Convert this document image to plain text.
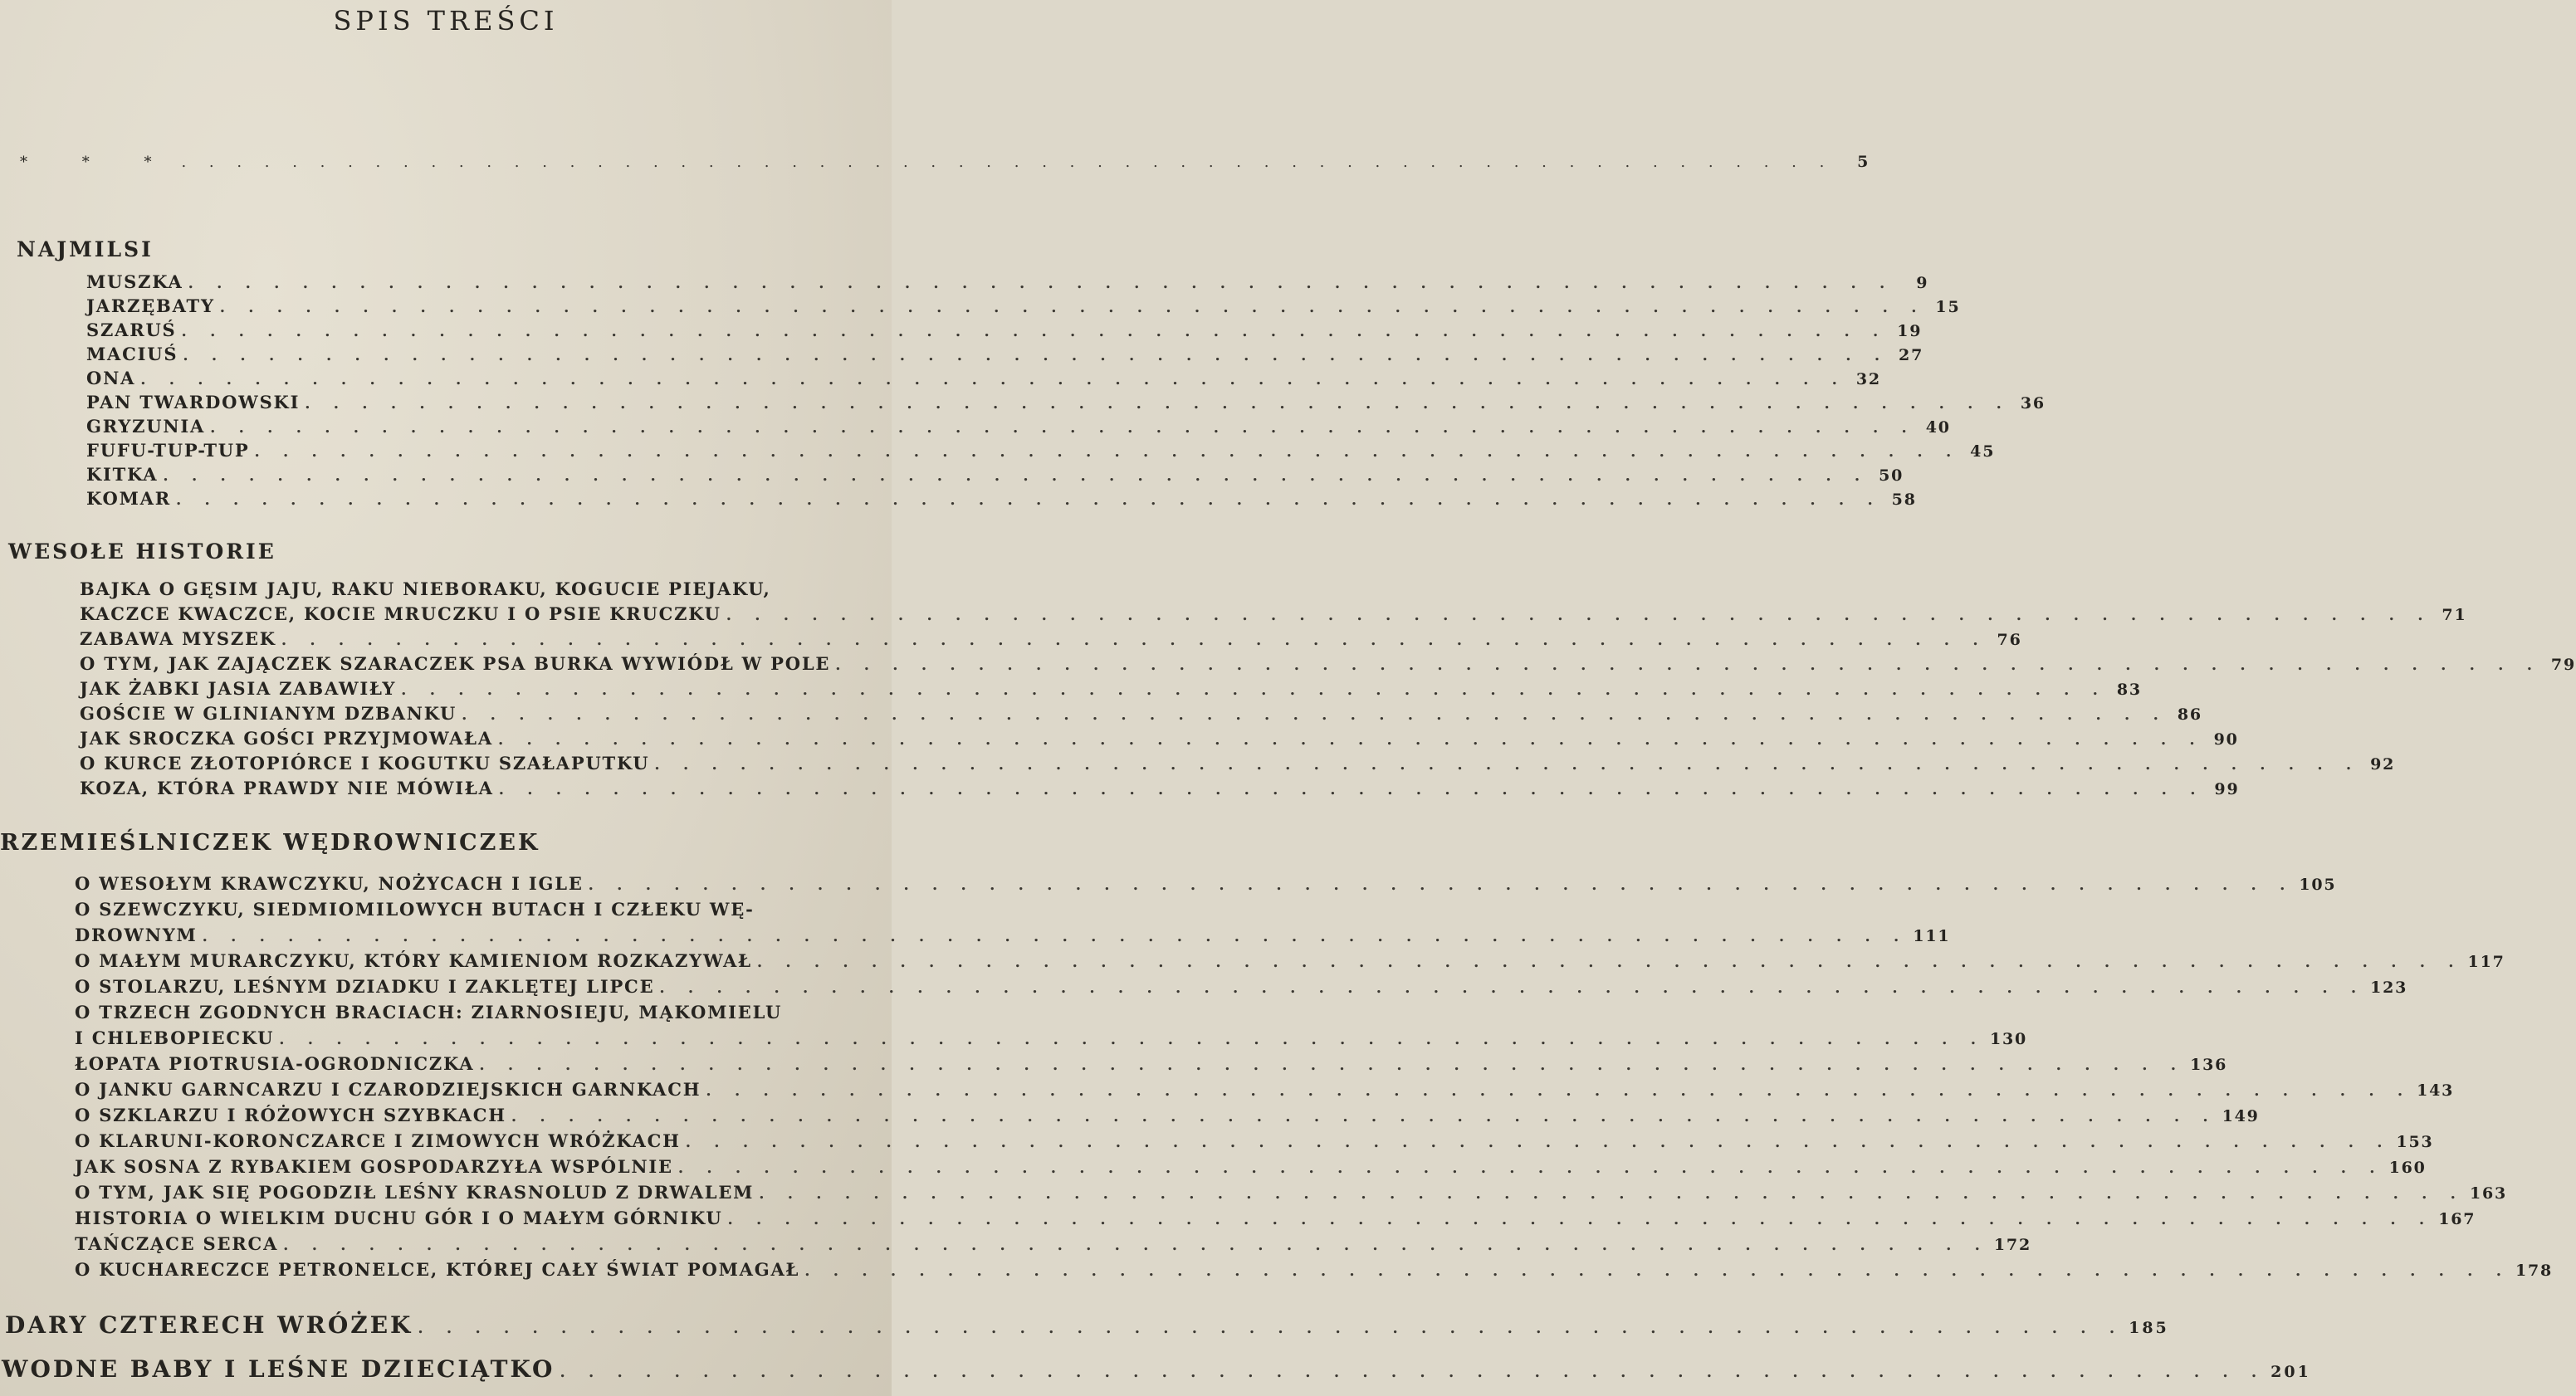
SPIS TREŚCI
* * * . . . . . . . . . . . . . . . . . . . . . . . . . . . . . . . . . . . . . . . . . . . . . . . . . . . . . . . . . . . .	5
NAJMILSI
MUSZKA . . . . . . . . . . . . . . . . . . . . . . . . . . . . . . . . . . . . . . . . . . . . . . . . . . . . . . . . . . . .	9
JARZĘBATY . . . . . . . . . . . . . . . . . . . . . . . . . . . . . . . . . . . . . . . . . . . . . . . . . . . . . . . . . . . . 15
SZARUŚ . . . . . . . . . . . . . . . . . . . . . . . . . . . . . . . . . . . . . . . . . . . . . . . . . . . . . . . . . . . . 19
MACIUŚ . . . . . . . . . . . . . . . . . . . . . . . . . . . . . . . . . . . . . . . . . . . . . . . . . . . . . . . . . . . . 27
ONA . . . . . . . . . . . . . . . . . . . . . . . . . . . . . . . . . . . . . . . . . . . . . . . . . . . . . . . . . . . . 32
PAN TWARDOWSKI . . . . . . . . . . . . . . . . . . . . . . . . . . . . . . . . . . . . . . . . . . . . . . . . . . . . . . . . . . . . 36
GRYZUNIA . . . . . . . . . . . . . . . . . . . . . . . . . . . . . . . . . . . . . . . . . . . . . . . . . . . . . . . . . . . . 40
FUFU-TUP-TUP . . . . . . . . . . . . . . . . . . . . . . . . . . . . . . . . . . . . . . . . . . . . . . . . . . . . . . . . . . . . 45
KITKA . . . . . . . . . . . . . . . . . . . . . . . . . . . . . . . . . . . . . . . . . . . . . . . . . . . . . . . . . . . . 50
KOMAR . . . . . . . . . . . . . . . . . . . . . . . . . . . . . . . . . . . . . . . . . . . . . . . . . . . . . . . . . . . . 58
WESOŁE HISTORIE
BAJKA O GĘSIM JAJU, RAKU NIEBORAKU, KOGUCIE PIEJAKU,
KACZCE KWACZCE, KOCIE MRUCZKU I O PSIE KRUCZKU . . . . . . . . . . . . . . . . . . . . . . . . . . . . . . . . . . . . . . . . . . . . . . . . . . . . . . . . . . . . 71
ZABAWA MYSZEK . . . . . . . . . . . . . . . . . . . . . . . . . . . . . . . . . . . . . . . . . . . . . . . . . . . . . . . . . . . . 76
O TYM, JAK ZAJĄCZEK SZARACZEK PSA BURKA WYWIÓDŁ W POLE . . . . . . . . . . . . . . . . . . . . . . . . . . . . . . . . . . . . . . . . . . . . . . . . . . . . . . . . . . . . 79
JAK ŻABKI JASIA ZABAWIŁY . . . . . . . . . . . . . . . . . . . . . . . . . . . . . . . . . . . . . . . . . . . . . . . . . . . . . . . . . . . . 83
GOŚCIE W GLINIANYM DZBANKU . . . . . . . . . . . . . . . . . . . . . . . . . . . . . . . . . . . . . . . . . . . . . . . . . . . . . . . . . . . . 86
JAK SROCZKA GOŚCI PRZYJMOWAŁA . . . . . . . . . . . . . . . . . . . . . . . . . . . . . . . . . . . . . . . . . . . . . . . . . . . . . . . . . . . . 90
O KURCE ZŁOTOPIÓRCE I KOGUTKU SZAŁAPUTKU . . . . . . . . . . . . . . . . . . . . . . . . . . . . . . . . . . . . . . . . . . . . . . . . . . . . . . . . . . . . 92
KOZA, KTÓRA PRAWDY NIE MÓWIŁA . . . . . . . . . . . . . . . . . . . . . . . . . . . . . . . . . . . . . . . . . . . . . . . . . . . . . . . . . . . . 99
RZEMIEŚLNICZEK WĘDROWNICZEK
O WESOŁYM KRAWCZYKU, NOŻYCACH I IGLE . . . . . . . . . . . . . . . . . . . . . . . . . . . . . . . . . . . . . . . . . . . . . . . . . . . . . . . . . . . . 105
O SZEWCZYKU, SIEDMIOMILOWYCH BUTACH I CZŁEKU WĘ-
DROWNYM . . . . . . . . . . . . . . . . . . . . . . . . . . . . . . . . . . . . . . . . . . . . . . . . . . . . . . . . . . . . 111
O MAŁYM MURARCZYKU, KTÓRY KAMIENIOM ROZKAZYWAŁ . . . . . . . . . . . . . . . . . . . . . . . . . . . . . . . . . . . . . . . . . . . . . . . . . . . . . . . . . . . . 117
O STOLARZU, LEŚNYM DZIADKU I ZAKLĘTEJ LIPCE . . . . . . . . . . . . . . . . . . . . . . . . . . . . . . . . . . . . . . . . . . . . . . . . . . . . . . . . . . . . 123
O TRZECH ZGODNYCH BRACIACH: ZIARNOSIEJU, MĄKOMIELU
I CHLEBOPIECKU . . . . . . . . . . . . . . . . . . . . . . . . . . . . . . . . . . . . . . . . . . . . . . . . . . . . . . . . . . . . 130
ŁOPATA PIOTRUSIA-OGRODNICZKA . . . . . . . . . . . . . . . . . . . . . . . . . . . . . . . . . . . . . . . . . . . . . . . . . . . . . . . . . . . . 136
O JANKU GARNCARZU I CZARODZIEJSKICH GARNKACH . . . . . . . . . . . . . . . . . . . . . . . . . . . . . . . . . . . . . . . . . . . . . . . . . . . . . . . . . . . . 143
O SZKLARZU I RÓŻOWYCH SZYBKACH . . . . . . . . . . . . . . . . . . . . . . . . . . . . . . . . . . . . . . . . . . . . . . . . . . . . . . . . . . . . 149
O KLARUNI-KORONCZARCE I ZIMOWYCH WRÓŻKACH . . . . . . . . . . . . . . . . . . . . . . . . . . . . . . . . . . . . . . . . . . . . . . . . . . . . . . . . . . . . 153
JAK SOSNA Z RYBAKIEM GOSPODARZYŁA WSPÓLNIE . . . . . . . . . . . . . . . . . . . . . . . . . . . . . . . . . . . . . . . . . . . . . . . . . . . . . . . . . . . . 160
O TYM, JAK SIĘ POGODZIŁ LEŚNY KRASNOLUD Z DRWALEM . . . . . . . . . . . . . . . . . . . . . . . . . . . . . . . . . . . . . . . . . . . . . . . . . . . . . . . . . . . . 163
HISTORIA O WIELKIM DUCHU GÓR I O MAŁYM GÓRNIKU . . . . . . . . . . . . . . . . . . . . . . . . . . . . . . . . . . . . . . . . . . . . . . . . . . . . . . . . . . . . 167
TAŃCZĄCE SERCA . . . . . . . . . . . . . . . . . . . . . . . . . . . . . . . . . . . . . . . . . . . . . . . . . . . . . . . . . . . . 172
O KUCHARECZCE PETRONELCE, KTÓREJ CAŁY ŚWIAT POMAGAŁ . . . . . . . . . . . . . . . . . . . . . . . . . . . . . . . . . . . . . . . . . . . . . . . . . . . . . . . . . . . . 178
DARY CZTERECH WRÓŻEK . . . . . . . . . . . . . . . . . . . . . . . . . . . . . . . . . . . . . . . . . . . . . . . . . . . . . . . . . . . . 185
WODNE BABY I LEŚNE DZIECIĄTKO . . . . . . . . . . . . . . . . . . . . . . . . . . . . . . . . . . . . . . . . . . . . . . . . . . . . . . . . . . . . 201
